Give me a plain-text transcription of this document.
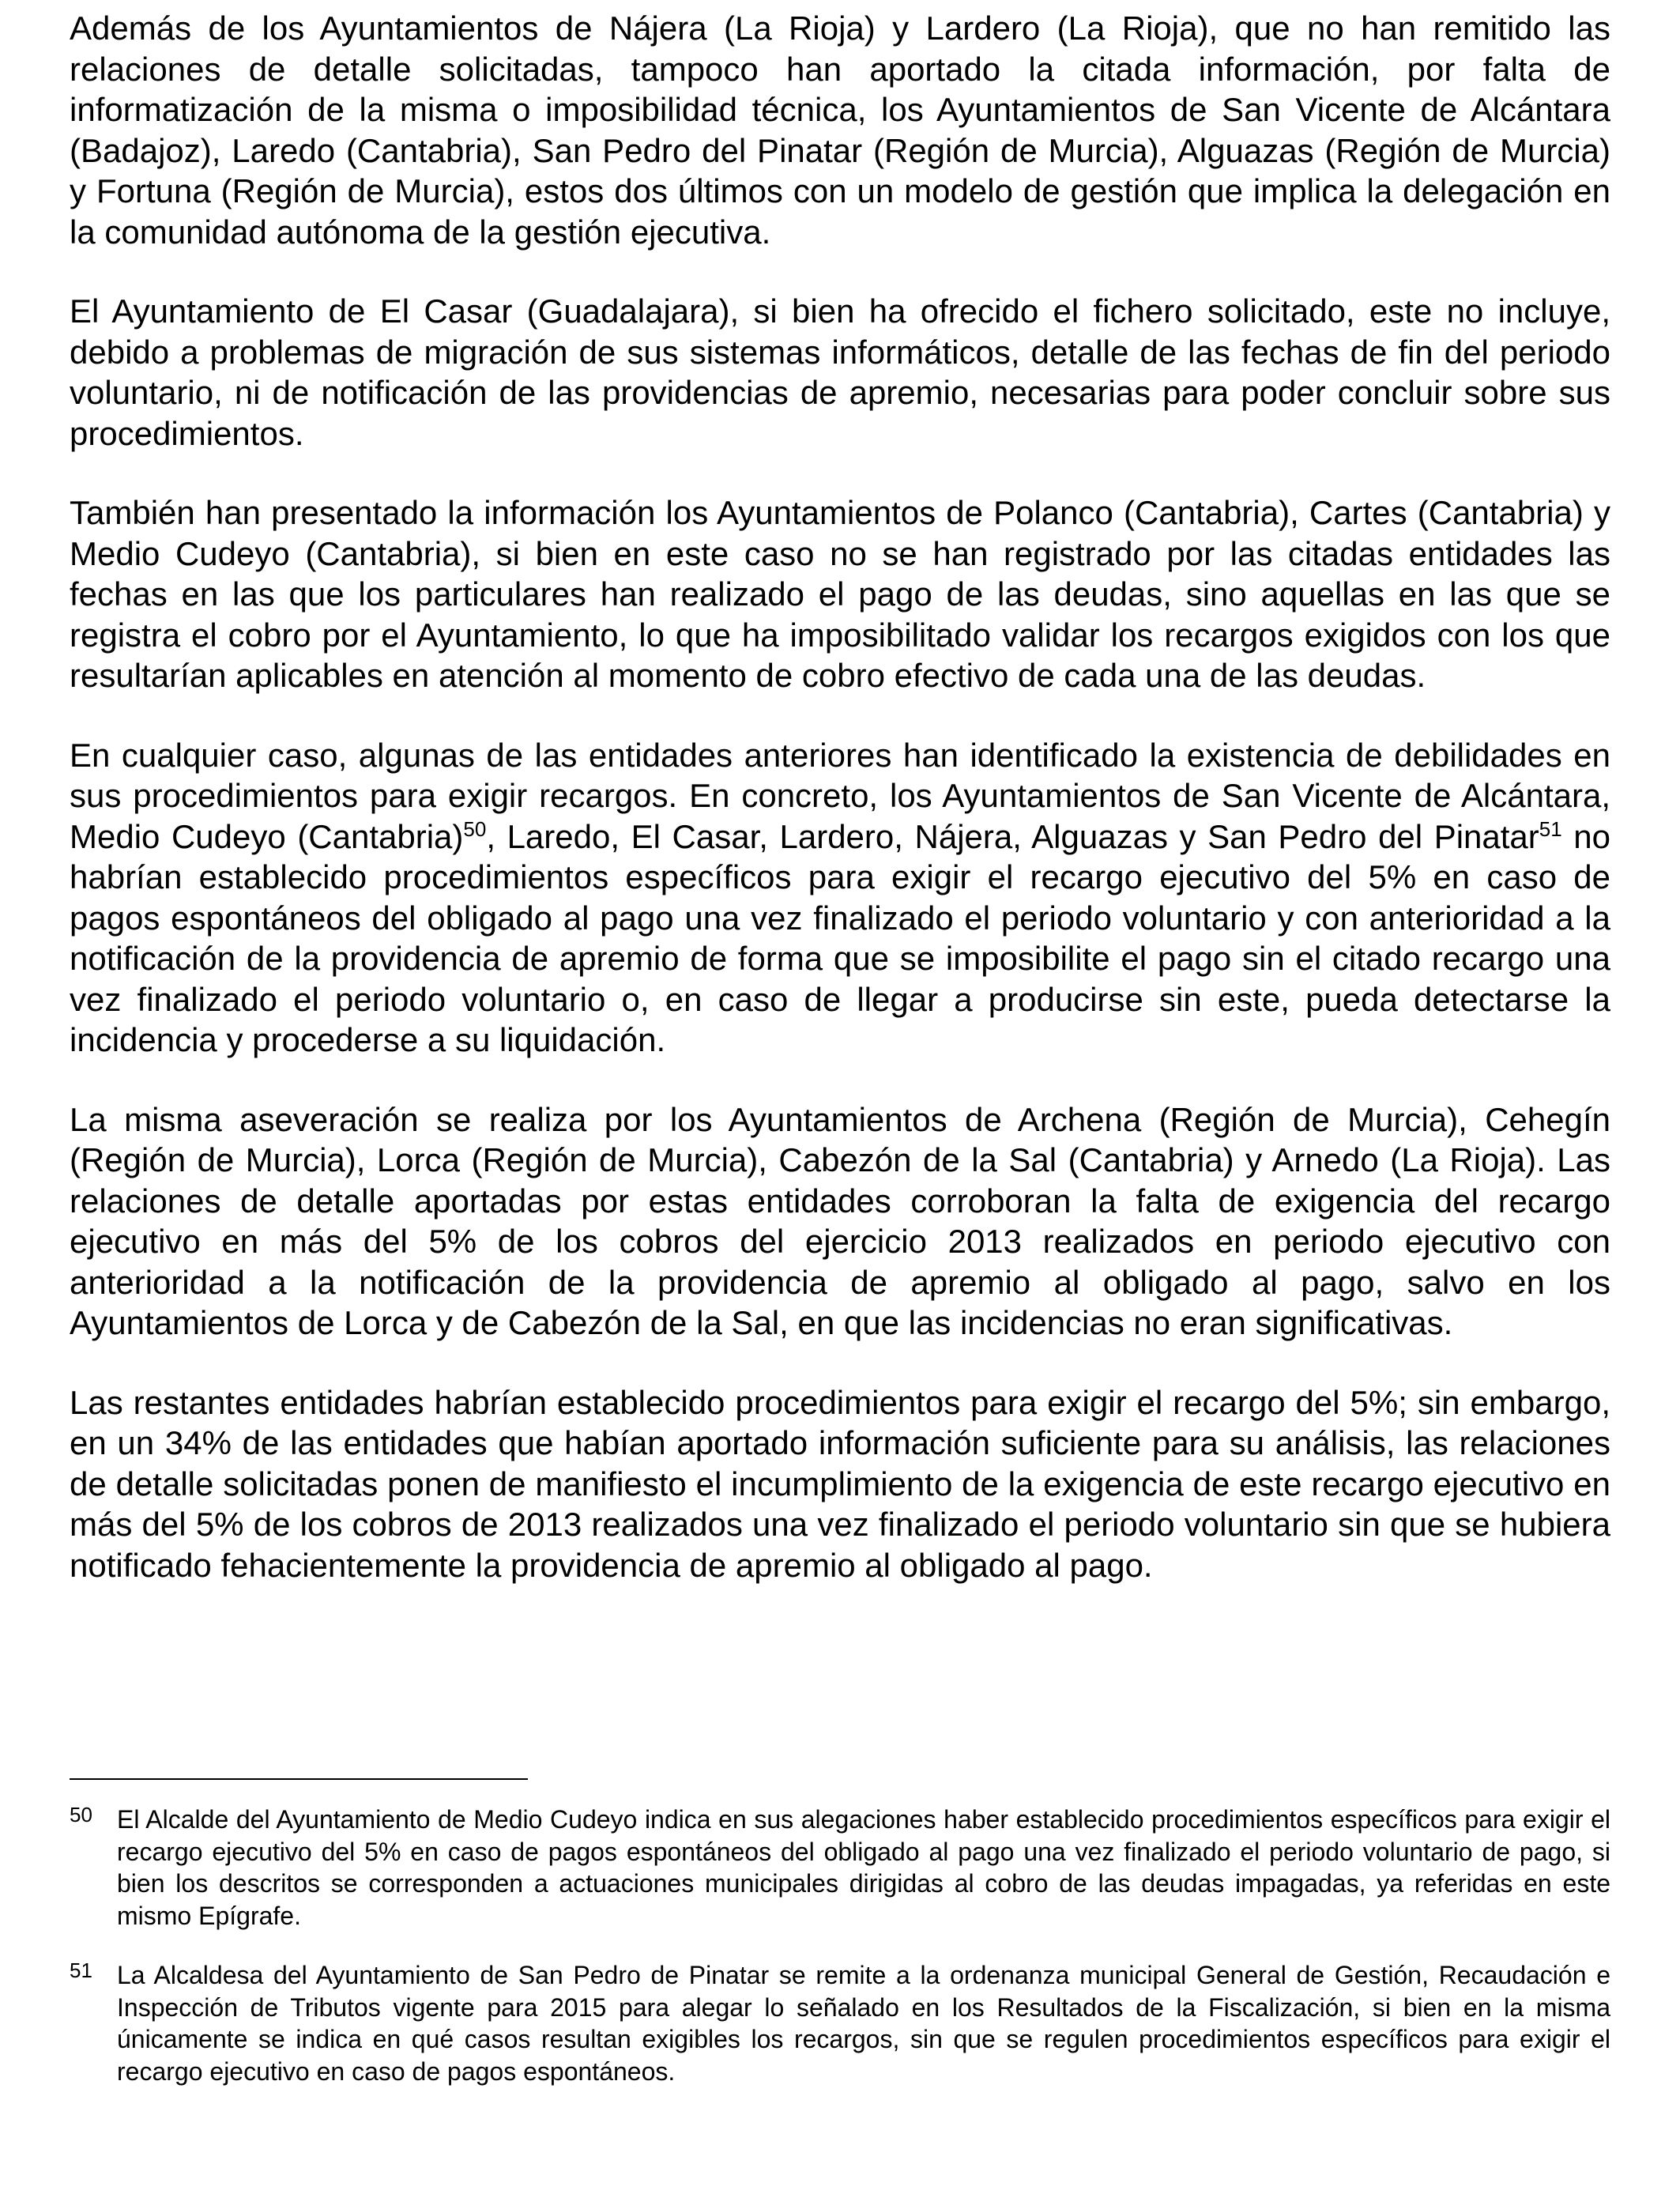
Además de los Ayuntamientos de Nájera (La Rioja) y Lardero (La Rioja), que no han remitido las relaciones de detalle solicitadas, tampoco han aportado la citada información, por falta de informatización de la misma o imposibilidad técnica, los Ayuntamientos de San Vicente de Alcántara (Badajoz), Laredo (Cantabria), San Pedro del Pinatar (Región de Murcia), Alguazas (Región de Murcia) y Fortuna (Región de Murcia), estos dos últimos con un modelo de gestión que implica la delegación en la comunidad autónoma de la gestión ejecutiva.

El Ayuntamiento de El Casar (Guadalajara), si bien ha ofrecido el fichero solicitado, este no incluye, debido a problemas de migración de sus sistemas informáticos, detalle de las fechas de fin del periodo voluntario, ni de notificación de las providencias de apremio, necesarias para poder concluir sobre sus procedimientos.

También han presentado la información los Ayuntamientos de Polanco (Cantabria), Cartes (Cantabria) y Medio Cudeyo (Cantabria), si bien en este caso no se han registrado por las citadas entidades las fechas en las que los particulares han realizado el pago de las deudas, sino aquellas en las que se registra el cobro por el Ayuntamiento, lo que ha imposibilitado validar los recargos exigidos con los que resultarían aplicables en atención al momento de cobro efectivo de cada una de las deudas.

En cualquier caso, algunas de las entidades anteriores han identificado la existencia de debilidades en sus procedimientos para exigir recargos. En concreto, los Ayuntamientos de San Vicente de Alcántara, Medio Cudeyo (Cantabria)$^{50}$, Laredo, El Casar, Lardero, Nájera, Alguazas y San Pedro del Pinatar$^{51}$ no habrían establecido procedimientos específicos para exigir el recargo ejecutivo del 5% en caso de pagos espontáneos del obligado al pago una vez finalizado el periodo voluntario y con anterioridad a la notificación de la providencia de apremio de forma que se imposibilite el pago sin el citado recargo una vez finalizado el periodo voluntario o, en caso de llegar a producirse sin este, pueda detectarse la incidencia y procederse a su liquidación.

La misma aseveración se realiza por los Ayuntamientos de Archena (Región de Murcia), Cehegín (Región de Murcia), Lorca (Región de Murcia), Cabezón de la Sal (Cantabria) y Arnedo (La Rioja). Las relaciones de detalle aportadas por estas entidades corroboran la falta de exigencia del recargo ejecutivo en más del 5% de los cobros del ejercicio 2013 realizados en periodo ejecutivo con anterioridad a la notificación de la providencia de apremio al obligado al pago, salvo en los Ayuntamientos de Lorca y de Cabezón de la Sal, en que las incidencias no eran significativas.

Las restantes entidades habrían establecido procedimientos para exigir el recargo del 5%; sin embargo, en un 34% de las entidades que habían aportado información suficiente para su análisis, las relaciones de detalle solicitadas ponen de manifiesto el incumplimiento de la exigencia de este recargo ejecutivo en más del 5% de los cobros de 2013 realizados una vez finalizado el periodo voluntario sin que se hubiera notificado fehacientemente la providencia de apremio al obligado al pago.

50 El Alcalde del Ayuntamiento de Medio Cudeyo indica en sus alegaciones haber establecido procedimientos específicos para exigir el recargo ejecutivo del 5% en caso de pagos espontáneos del obligado al pago una vez finalizado el periodo voluntario de pago, si bien los descritos se corresponden a actuaciones municipales dirigidas al cobro de las deudas impagadas, ya referidas en este mismo Epígrafe.
51 La Alcaldesa del Ayuntamiento de San Pedro de Pinatar se remite a la ordenanza municipal General de Gestión, Recaudación e Inspección de Tributos vigente para 2015 para alegar lo señalado en los Resultados de la Fiscalización, si bien en la misma únicamente se indica en qué casos resultan exigibles los recargos, sin que se regulen procedimientos específicos para exigir el recargo ejecutivo en caso de pagos espontáneos.
